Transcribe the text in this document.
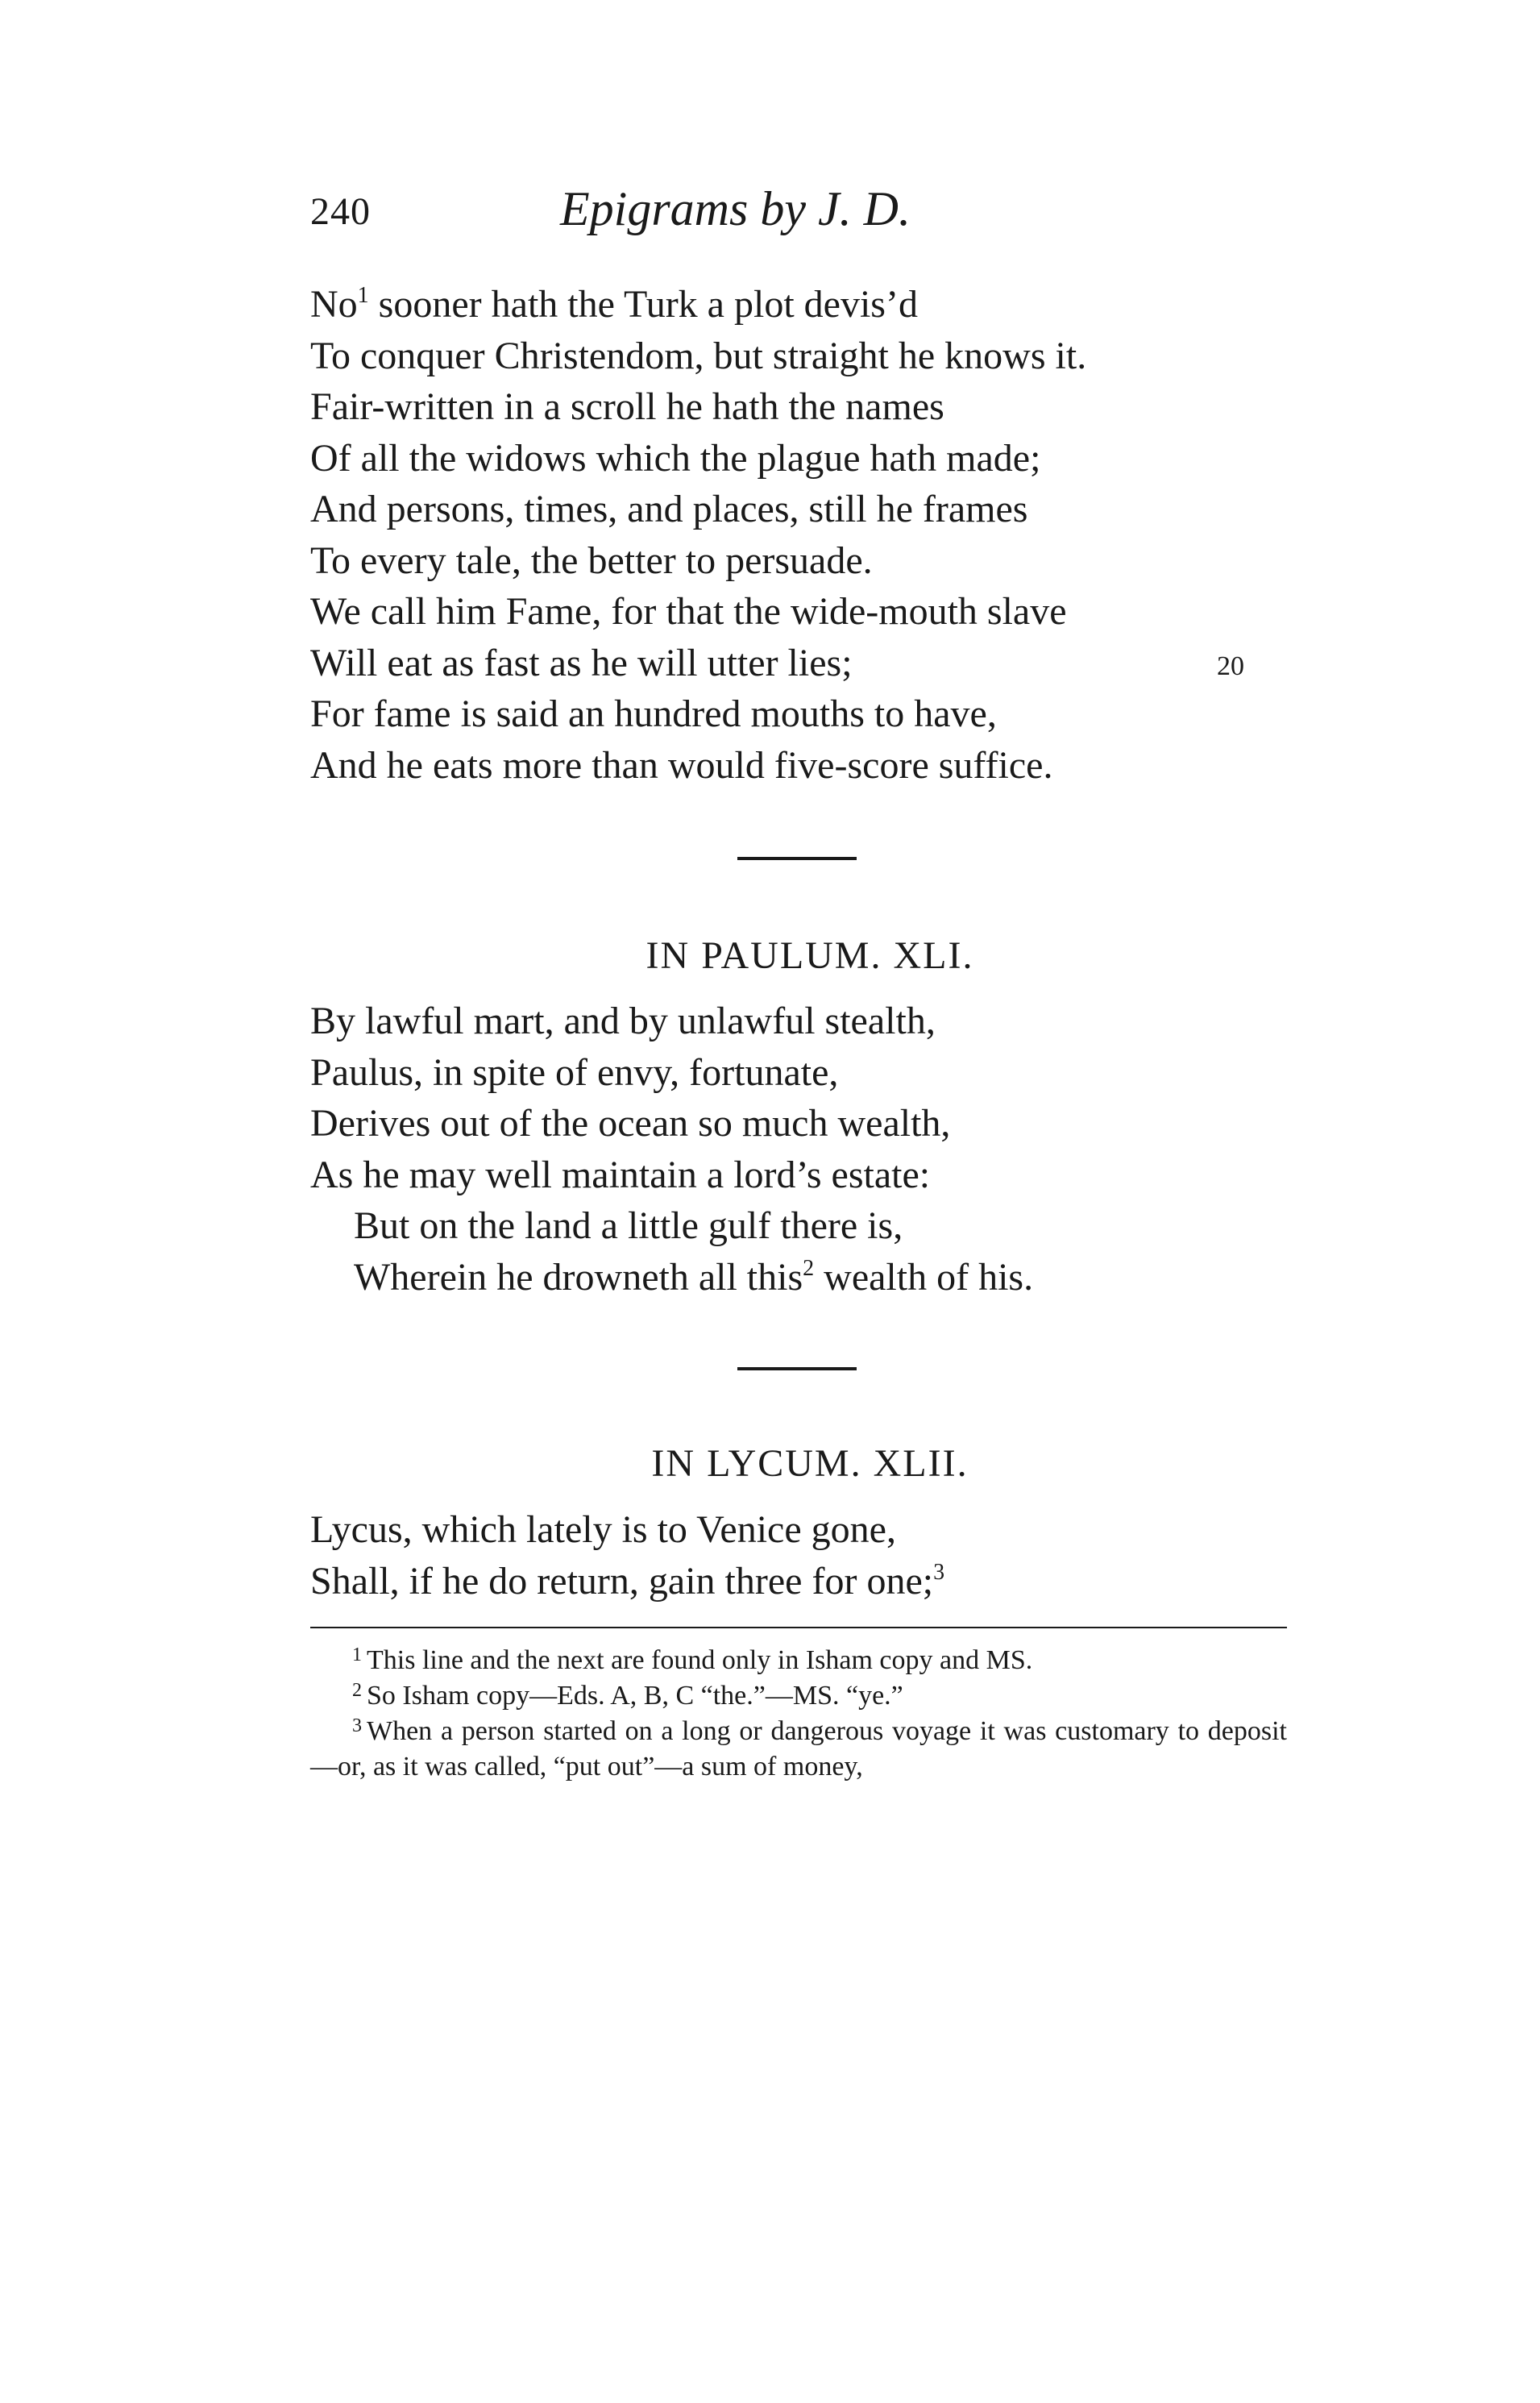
240	Epigrams by J. D.
No$^1$ sooner hath the Turk a plot devis’d
To conquer Christendom, but straight he knows it.
Fair-written in a scroll he hath the names
Of all the widows which the plague hath made;
And persons, times, and places, still he frames
To every tale, the better to persuade.
We call him Fame, for that the wide-mouth slave
Will eat as fast as he will utter lies;	20
For fame is said an hundred mouths to have,
And he eats more than would five-score suffice.
IN PAULUM. XLI.
By lawful mart, and by unlawful stealth,
Paulus, in spite of envy, fortunate,
Derives out of the ocean so much wealth,
As he may well maintain a lord’s estate:
But on the land a little gulf there is,
Wherein he drowneth all this$^2$ wealth of his.
IN LYCUM. XLII.
Lycus, which lately is to Venice gone,
Shall, if he do return, gain three for one;$^3$
$^1$ This line and the next are found only in Isham copy and MS.
$^2$ So Isham copy—Eds. A, B, C “the.”—MS. “ye.”
$^3$ When a person started on a long or dangerous voyage it was customary to deposit—or, as it was called, “put out”—a sum of money,
